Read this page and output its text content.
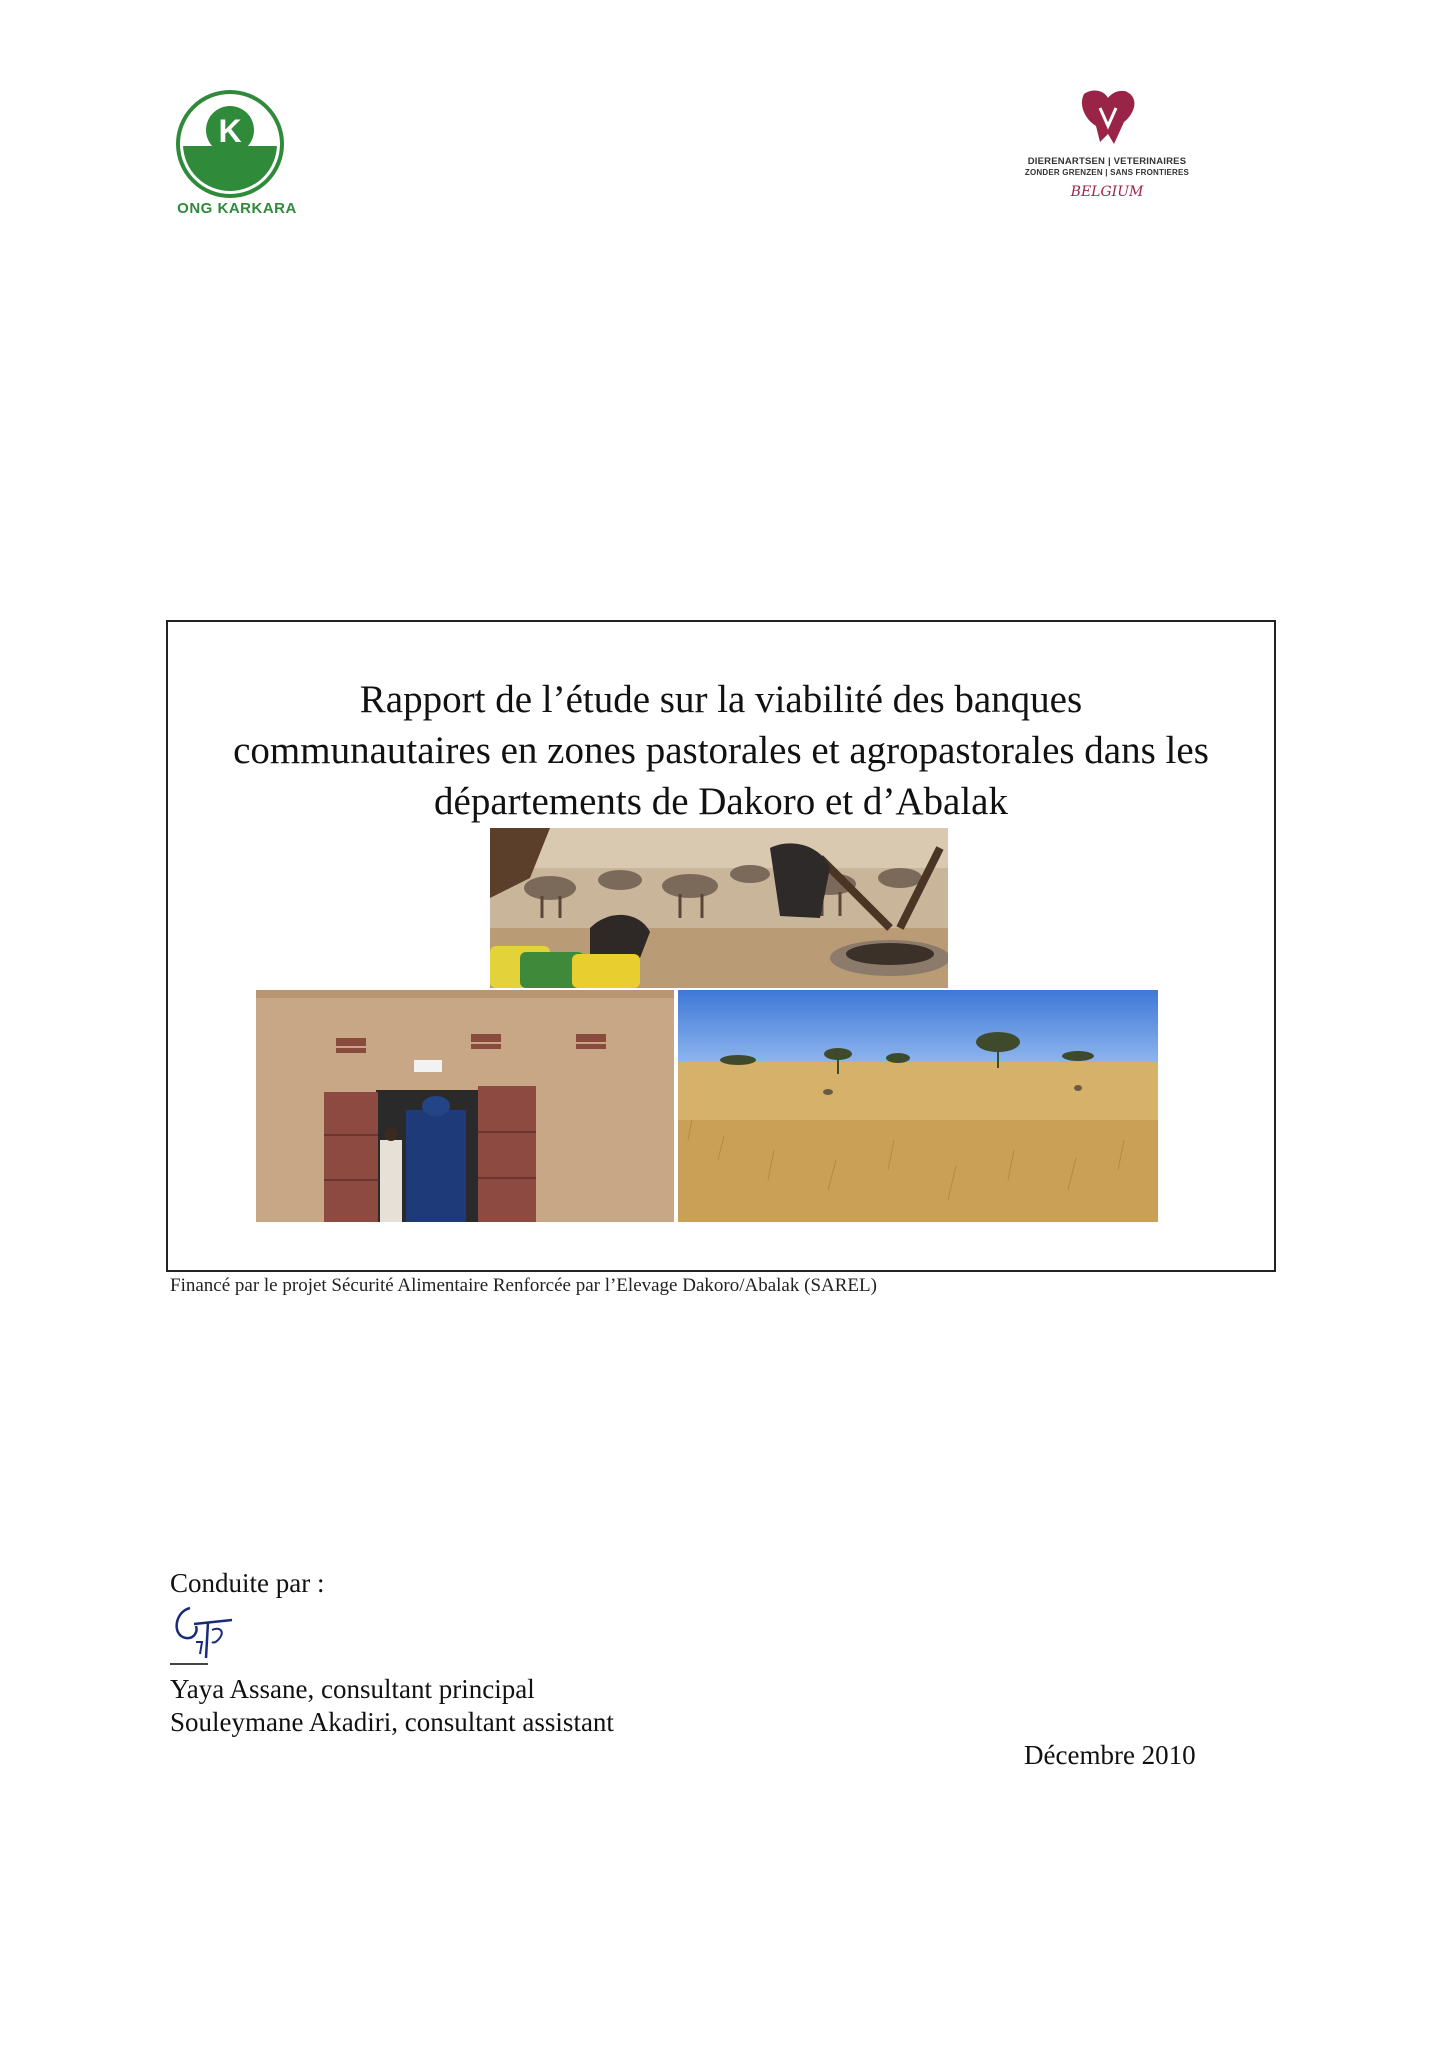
K
ONG KARKARA
DIERENARTSEN | VETERINAIRES
ZONDER GRENZEN | SANS FRONTIERES
BELGIUM
Rapport de l’étude sur la viabilité des banques
communautaires en zones pastorales et agropastorales dans les
départements de Dakoro et d’Abalak
Financé par le projet Sécurité Alimentaire Renforcée par l’Elevage Dakoro/Abalak (SAREL)
Conduite par :
Yaya Assane, consultant principal
Souleymane Akadiri, consultant assistant
Décembre 2010
